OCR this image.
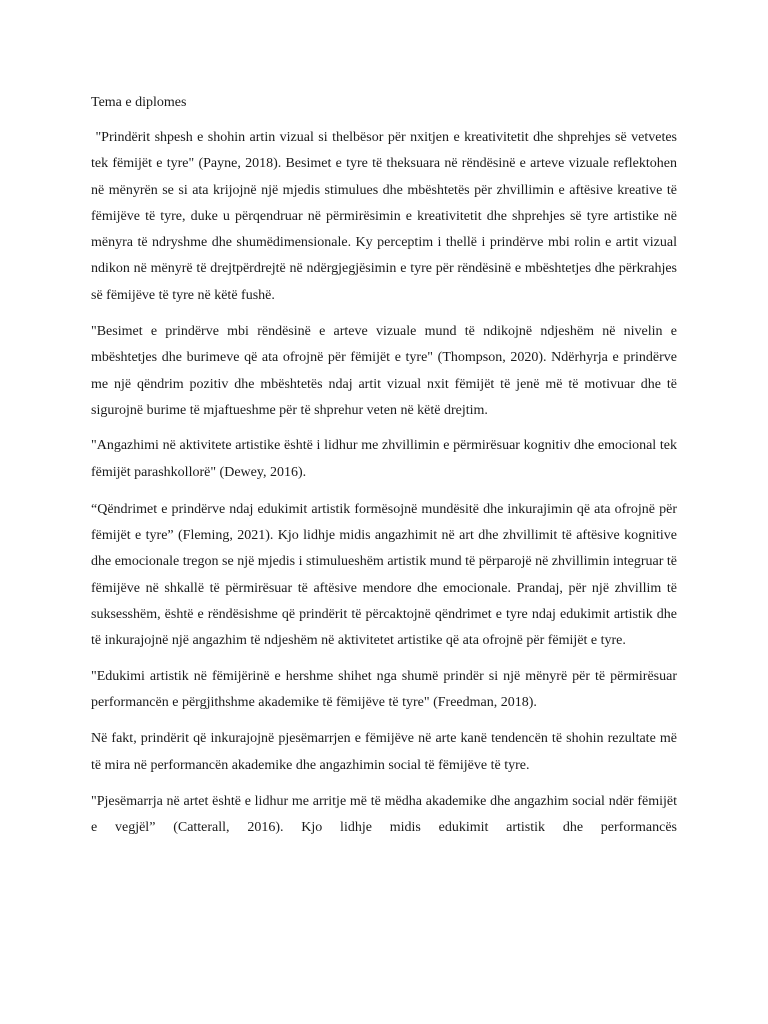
Tema e diplomes

"Prindërit shpesh e shohin artin vizual si thelbësor për nxitjen e kreativitetit dhe shprehjes së vetvetes tek fëmijët e tyre" (Payne, 2018). Besimet e tyre të theksuara në rëndësinë e arteve vizuale reflektohen në mënyrën se si ata krijojnë një mjedis stimulues dhe mbështetës për zhvillimin e aftësive kreative të fëmijëve të tyre, duke u përqendruar në përmirësimin e kreativitetit dhe shprehjes së tyre artistike në mënyra të ndryshme dhe shumëdimensionale. Ky perceptim i thellë i prindërve mbi rolin e artit vizual ndikon në mënyrë të drejtpërdrejtë në ndërgjegjësimin e tyre për rëndësinë e mbështetjes dhe përkrahjes së fëmijëve të tyre në këtë fushë.

"Besimet e prindërve mbi rëndësinë e arteve vizuale mund të ndikojnë ndjeshëm në nivelin e mbështetjes dhe burimeve që ata ofrojnë për fëmijët e tyre" (Thompson, 2020). Ndërhyrja e prindërve me një qëndrim pozitiv dhe mbështetës ndaj artit vizual nxit fëmijët të jenë më të motivuar dhe të sigurojnë burime të mjaftueshme për të shprehur veten në këtë drejtim.

"Angazhimi në aktivitete artistike është i lidhur me zhvillimin e përmirësuar kognitiv dhe emocional tek fëmijët parashkollorë" (Dewey, 2016).

“Qëndrimet e prindërve ndaj edukimit artistik formësojnë mundësitë dhe inkurajimin që ata ofrojnë për fëmijët e tyre” (Fleming, 2021). Kjo lidhje midis angazhimit në art dhe zhvillimit të aftësive kognitive dhe emocionale tregon se një mjedis i stimulueshëm artistik mund të përparojë në zhvillimin integruar të fëmijëve në shkallë të përmirësuar të aftësive mendore dhe emocionale. Prandaj, për një zhvillim të suksesshëm, është e rëndësishme që prindërit të përcaktojnë qëndrimet e tyre ndaj edukimit artistik dhe të inkurajojnë një angazhim të ndjeshëm në aktivitetet artistike që ata ofrojnë për fëmijët e tyre.

"Edukimi artistik në fëmijërinë e hershme shihet nga shumë prindër si një mënyrë për të përmirësuar performancën e përgjithshme akademike të fëmijëve të tyre" (Freedman, 2018).

Në fakt, prindërit që inkurajojnë pjesëmarrjen e fëmijëve në arte kanë tendencën të shohin rezultate më të mira në performancën akademike dhe angazhimin social të fëmijëve të tyre.

"Pjesëmarrja në artet është e lidhur me arritje më të mëdha akademike dhe angazhim social ndër fëmijët e vegjël” (Catterall, 2016). Kjo lidhje midis edukimit artistik dhe performancës
